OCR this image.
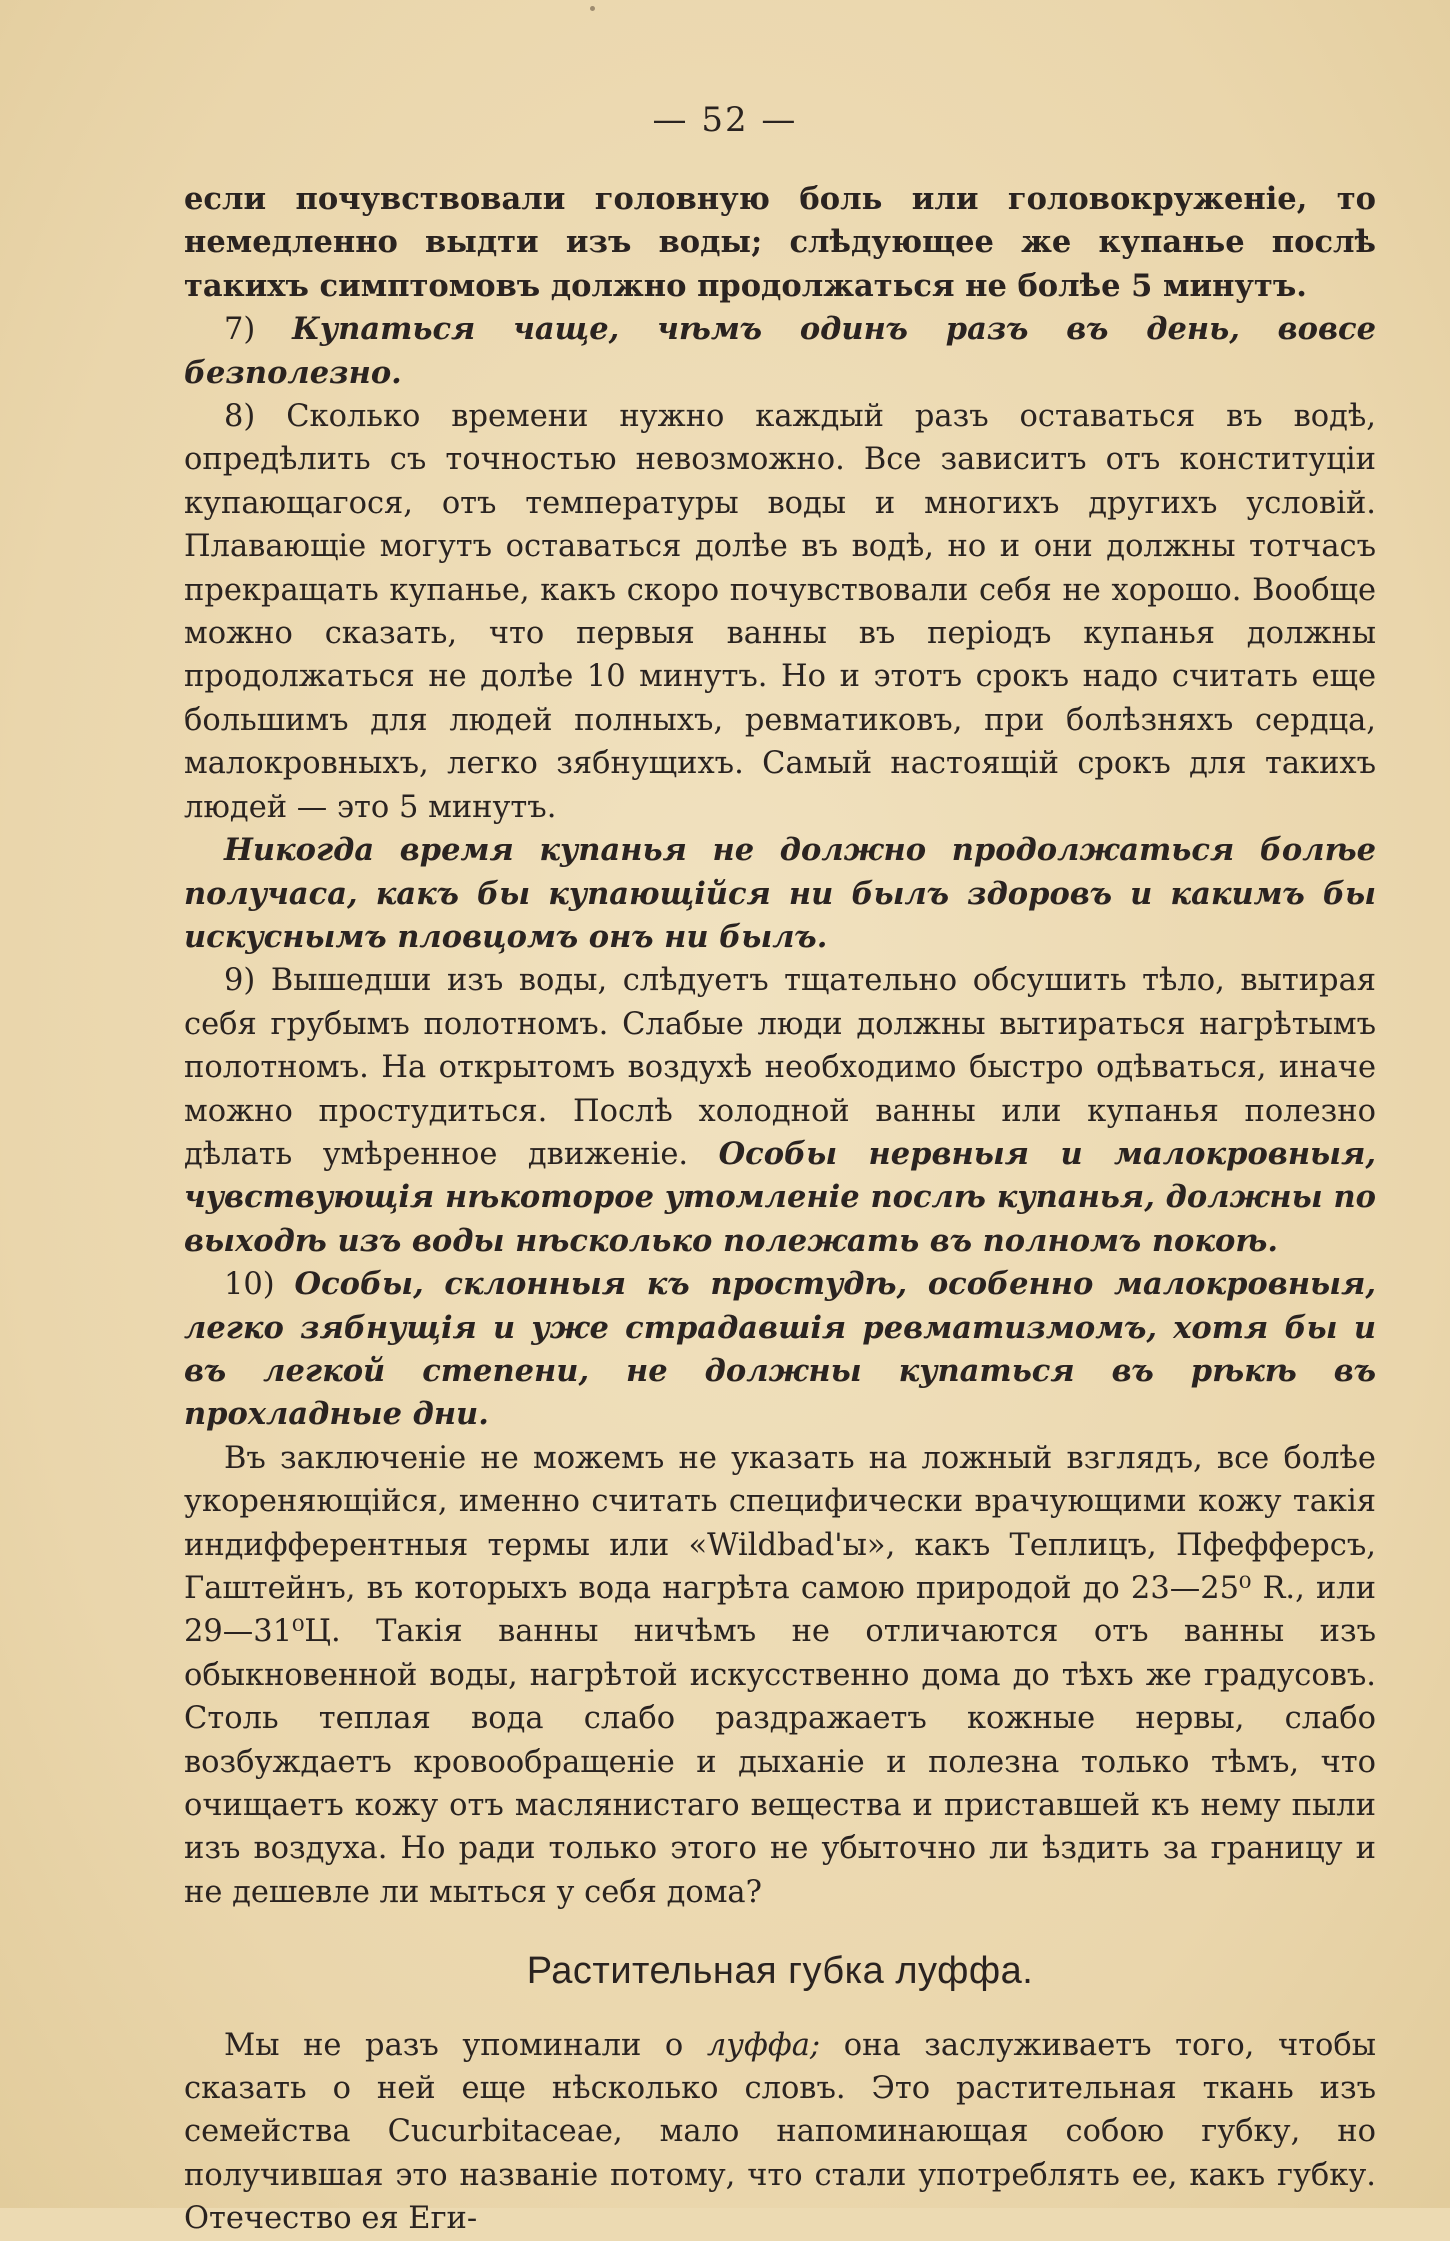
— 52 —

если почувствовали головную боль или головокруженіе, то немедленно выдти изъ воды; слѣдующее же купанье послѣ такихъ симптомовъ должно продолжаться не болѣе 5 минутъ.

7) Купаться чаще, чѣмъ одинъ разъ въ день, вовсе безполезно.

8) Сколько времени нужно каждый разъ оставаться въ водѣ, опредѣлить съ точностью невозможно. Все зависитъ отъ конституціи купающагося, отъ температуры воды и многихъ другихъ условій. Плавающіе могутъ оставаться долѣе въ водѣ, но и они должны тотчасъ прекращать купанье, какъ скоро почувствовали себя не хорошо. Вообще можно сказать, что первыя ванны въ періодъ купанья должны продолжаться не долѣе 10 минутъ. Но и этотъ срокъ надо считать еще большимъ для людей полныхъ, ревматиковъ, при болѣзняхъ сердца, малокровныхъ, легко зябнущихъ. Самый настоящій срокъ для такихъ людей — это 5 минутъ.

Никогда время купанья не должно продолжаться болѣе получаса, какъ бы купающійся ни былъ здоровъ и какимъ бы искуснымъ пловцомъ онъ ни былъ.

9) Вышедши изъ воды, слѣдуетъ тщательно обсушить тѣло, вытирая себя грубымъ полотномъ. Слабые люди должны вытираться нагрѣтымъ полотномъ. На открытомъ воздухѣ необходимо быстро одѣваться, иначе можно простудиться. Послѣ холодной ванны или купанья полезно дѣлать умѣренное движеніе. Особы нервныя и малокровныя, чувствующія нѣкоторое утомленіе послѣ купанья, должны по выходѣ изъ воды нѣсколько полежать въ полномъ покоѣ.

10) Особы, склонныя къ простудѣ, особенно малокровныя, легко зябнущія и уже страдавшія ревматизмомъ, хотя бы и въ легкой степени, не должны купаться въ рѣкѣ въ прохладные дни.

Въ заключеніе не можемъ не указать на ложный взглядъ, все болѣе укореняющійся, именно считать специфически врачующими кожу такія индифферентныя термы или «Wildbad'ы», какъ Теплицъ, Пфефферсъ, Гаштейнъ, въ которыхъ вода нагрѣта самою природой до 23—25⁰ R., или 29—31⁰Ц. Такія ванны ничѣмъ не отличаются отъ ванны изъ обыкновенной воды, нагрѣтой искусственно дома до тѣхъ же градусовъ. Столь теплая вода слабо раздражаетъ кожные нервы, слабо возбуждаетъ кровообращеніе и дыханіе и полезна только тѣмъ, что очищаетъ кожу отъ маслянистаго вещества и приставшей къ нему пыли изъ воздуха. Но ради только этого не убыточно ли ѣздить за границу и не дешевле ли мыться у себя дома?

Растительная губка луффа.

Мы не разъ упоминали о луффа; она заслуживаетъ того, чтобы сказать о ней еще нѣсколько словъ. Это растительная ткань изъ семейства Cucurbitaceae, мало напоминающая собою губку, но получившая это названіе потому, что стали употреблять ее, какъ губку. Отечество ея Еги-
